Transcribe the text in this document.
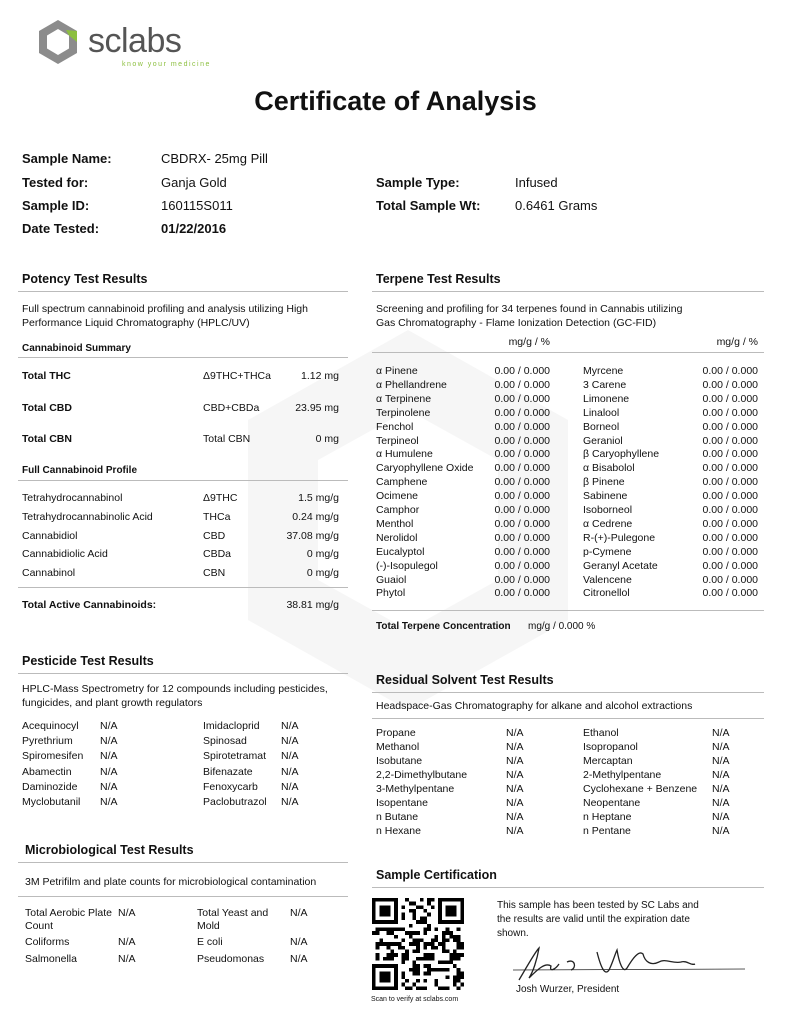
sclabs
know your medicine
Certificate of Analysis
Sample Name:	CBDRX- 25mg Pill
Tested for:	Ganja Gold
Sample ID:	160115S011
Date Tested:	01/22/2016
Sample Type:	Infused
Total Sample Wt:	0.6461 Grams
Potency Test Results
Full spectrum cannabinoid profiling and analysis utilizing High Performance Liquid Chromatography (HPLC/UV)
Cannabinoid Summary
Total THC	Δ9THC+THCa	1.12 mg
Total CBD	CBD+CBDa	23.95 mg
Total CBN	Total CBN	0 mg
Full Cannabinoid Profile
Tetrahydrocannabinol	Δ9THC	1.5 mg/g
Tetrahydrocannabinolic Acid	THCa	0.24 mg/g
Cannabidiol	CBD	37.08 mg/g
Cannabidiolic Acid	CBDa	0 mg/g
Cannabinol	CBN	0 mg/g
Total Active Cannabinoids:	38.81 mg/g
Terpene Test Results
Screening and profiling for 34 terpenes found in Cannabis utilizing Gas Chromatography - Flame Ionization Detection (GC-FID)
mg/g / %	mg/g / %
α Pinene	0.00 / 0.000
α Phellandrene	0.00 / 0.000
α Terpinene	0.00 / 0.000
Terpinolene	0.00 / 0.000
Fenchol	0.00 / 0.000
Terpineol	0.00 / 0.000
α Humulene	0.00 / 0.000
Caryophyllene Oxide	0.00 / 0.000
Camphene	0.00 / 0.000
Ocimene	0.00 / 0.000
Camphor	0.00 / 0.000
Menthol	0.00 / 0.000
Nerolidol	0.00 / 0.000
Eucalyptol	0.00 / 0.000
(-)-Isopulegol	0.00 / 0.000
Guaiol	0.00 / 0.000
Phytol	0.00 / 0.000
Myrcene	0.00 / 0.000
3 Carene	0.00 / 0.000
Limonene	0.00 / 0.000
Linalool	0.00 / 0.000
Borneol	0.00 / 0.000
Geraniol	0.00 / 0.000
β Caryophyllene	0.00 / 0.000
α Bisabolol	0.00 / 0.000
β Pinene	0.00 / 0.000
Sabinene	0.00 / 0.000
Isoborneol	0.00 / 0.000
α Cedrene	0.00 / 0.000
R-(+)-Pulegone	0.00 / 0.000
p-Cymene	0.00 / 0.000
Geranyl Acetate	0.00 / 0.000
Valencene	0.00 / 0.000
Citronellol	0.00 / 0.000
Total Terpene Concentration mg/g / 0.000 %
Pesticide Test Results
HPLC-Mass Spectrometry for 12 compounds including pesticides, fungicides, and plant growth regulators
Acequinocyl N/A
Pyrethrium	N/A
Spiromesifen N/A
Abamectin	N/A
Daminozide N/A
Myclobutanil N/A
Imidacloprid N/A
Spinosad	N/A
Spirotetramat N/A
Bifenazate	N/A
Fenoxycarb N/A
Paclobutrazol N/A
Residual Solvent Test Results
Headspace-Gas Chromatography for alkane and alcohol extractions
Propane	N/A
Methanol	N/A
Isobutane	N/A
2,2-Dimethylbutane	N/A
3-Methylpentane	N/A
Isopentane	N/A
n Butane	N/A
n Hexane	N/A
Ethanol	N/A
Isopropanol	N/A
Mercaptan	N/A
2-Methylpentane	N/A
Cyclohexane + Benzene N/A
Neopentane	N/A
n Heptane	N/A
n Pentane	N/A
Microbiological Test Results
3M Petrifilm and plate counts for microbiological contamination
Total Aerobic Plate Count
N/A
Coliforms	N/A
Salmonella	N/A
Total Yeast and Mold
N/A
E coli	N/A
Pseudomonas N/A
Sample Certification
Scan to verify at sclabs.com
This sample has been tested by SC Labs and the results are valid until the expiration date shown.
Josh Wurzer, President
